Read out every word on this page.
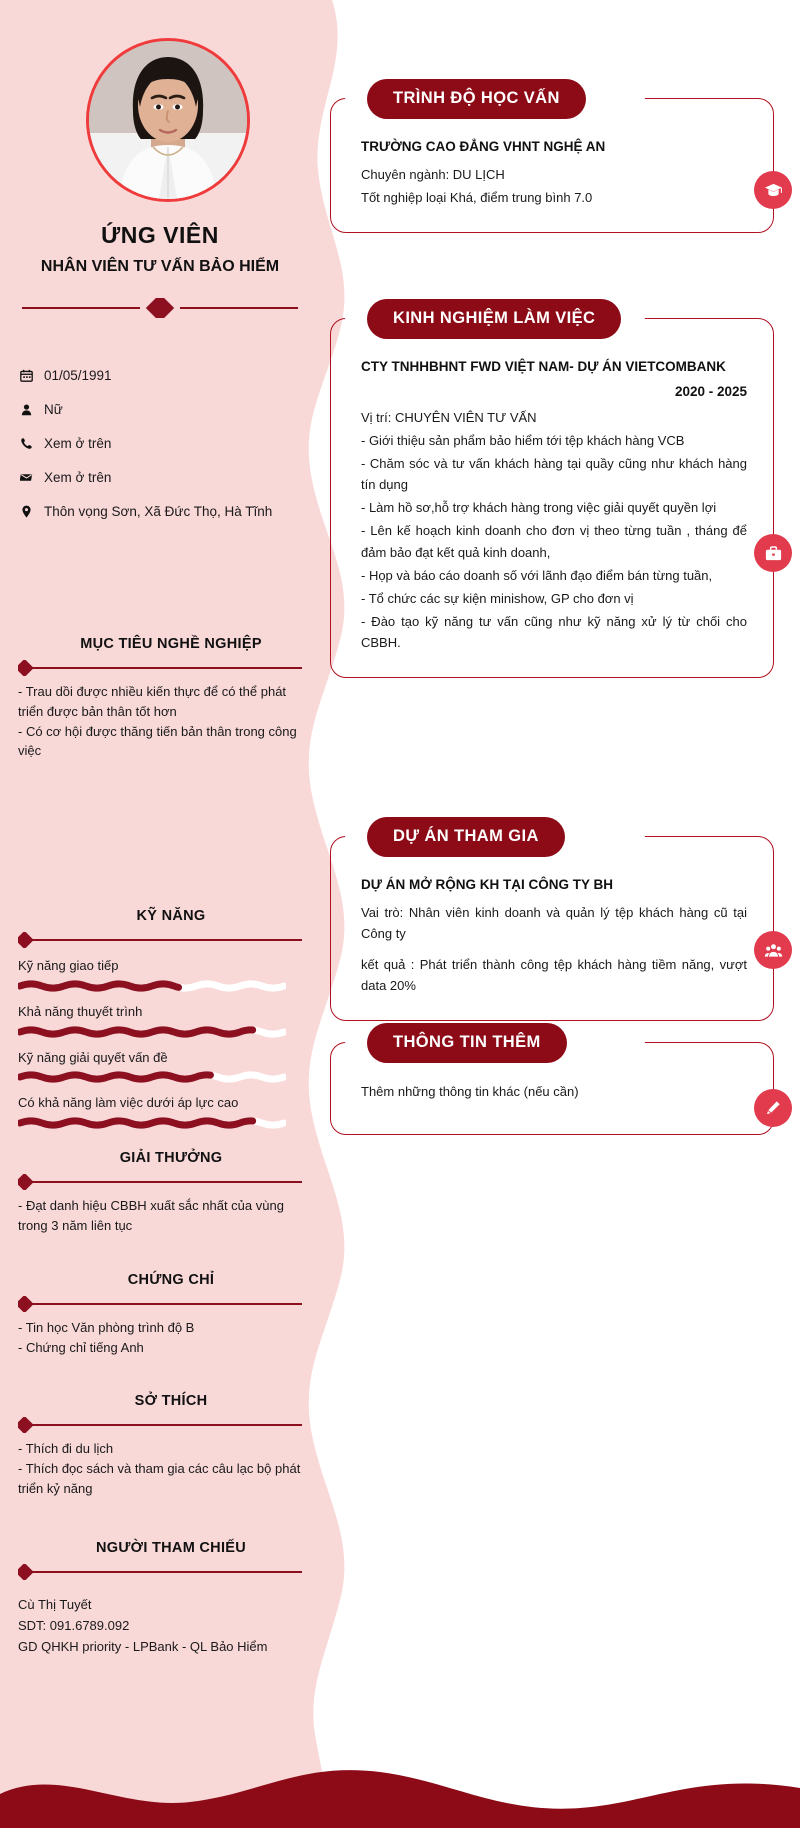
ỨNG VIÊN
NHÂN VIÊN TƯ VẤN BẢO HIỂM
01/05/1991
Nữ
Xem ở trên
Xem ở trên
Thôn vọng Sơn, Xã Đức Thọ, Hà Tĩnh
MỤC TIÊU NGHỀ NGHIỆP

- Trau dồi được nhiều kiến thực để có thể phát triển được bản thân tốt hơn

- Có cơ hội được thăng tiến bản thân trong công việc

KỸ NĂNG
Kỹ năng giao tiếp
Khả năng thuyết trình
Kỹ năng giải quyết vấn đề
Có khả năng làm việc dưới áp lực cao
GIẢI THƯỞNG

- Đạt danh hiệu CBBH xuất sắc nhất của vùng trong 3 năm liên tục

CHỨNG CHỈ

- Tin học Văn phòng trình độ B

- Chứng chỉ tiếng Anh

SỞ THÍCH

- Thích đi du lịch

- Thích đọc sách và tham gia các câu lạc bộ phát triển kỷ năng

NGƯỜI THAM CHIẾU

Cù Thị Tuyết

SDT: 091.6789.092

GD QHKH priority - LPBank - QL Bảo Hiểm

TRÌNH ĐỘ HỌC VẤN
TRƯỜNG CAO ĐẲNG VHNT NGHỆ AN
Chuyên ngành: DU LỊCH
Tốt nghiệp loại Khá, điểm trung bình 7.0
KINH NGHIỆM LÀM VIỆC
CTY TNHHBHNT FWD VIỆT NAM- DỰ ÁN VIETCOMBANK
2020 - 2025
Vị trí: CHUYÊN VIÊN TƯ VẤN
- Giới thiệu sản phẩm bảo hiểm tới tệp khách hàng VCB
- Chăm sóc và tư vấn khách hàng tại quầy cũng như khách hàng tín dụng
- Làm hồ sơ,hỗ trợ khách hàng trong việc giải quyết quyền lợi
- Lên kế hoạch kinh doanh cho đơn vị theo từng tuần , tháng để đảm bảo đạt kết quả kinh doanh,
- Họp và báo cáo doanh số với lãnh đạo điểm bán từng tuần,
- Tổ chức các sự kiện minishow, GP cho đơn vị
- Đào tạo kỹ năng tư vấn cũng như kỹ năng xử lý từ chối cho CBBH.
DỰ ÁN THAM GIA
DỰ ÁN MỞ RỘNG KH TẠI CÔNG TY BH
Vai trò: Nhân viên kinh doanh và quản lý tệp khách hàng cũ tại Công ty
kết quả : Phát triển thành công tệp khách hàng tiềm năng, vượt data 20%
THÔNG TIN THÊM
Thêm những thông tin khác (nếu cần)
